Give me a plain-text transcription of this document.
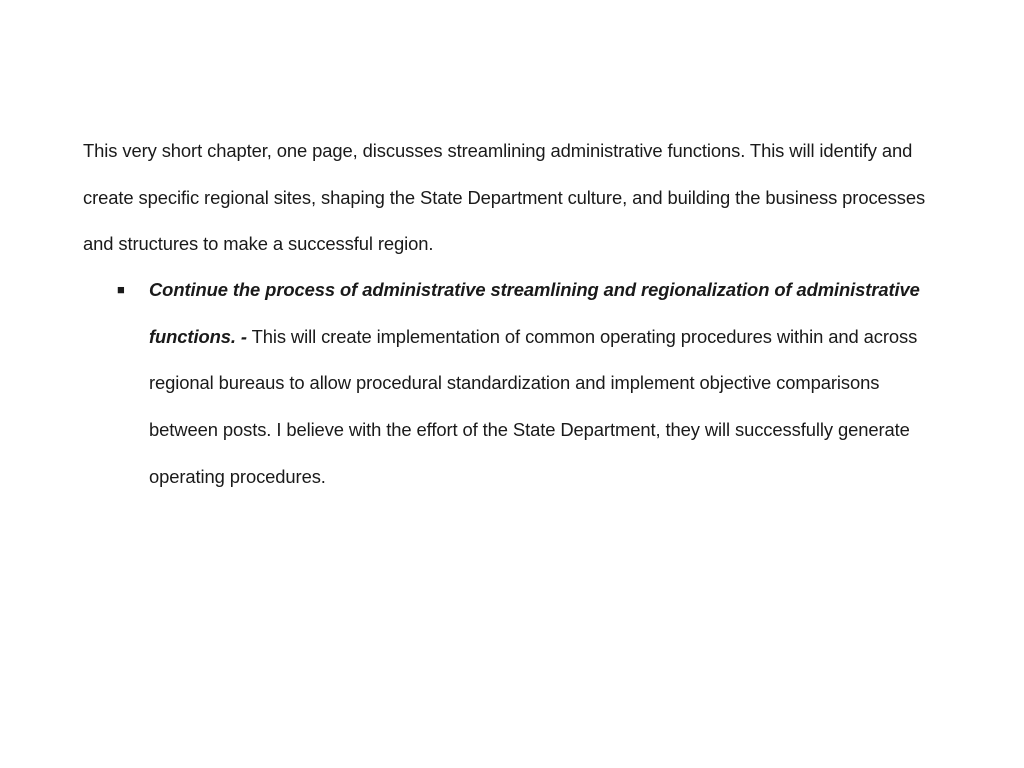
This very short chapter, one page, discusses streamlining administrative functions. This will identify and create specific regional sites, shaping the State Department culture, and building the business processes and structures to make a successful region.

■ Continue the process of administrative streamlining and regionalization of administrative functions. - This will create implementation of common operating procedures within and across regional bureaus to allow procedural standardization and implement objective comparisons between posts. I believe with the effort of the State Department, they will successfully generate operating procedures.
